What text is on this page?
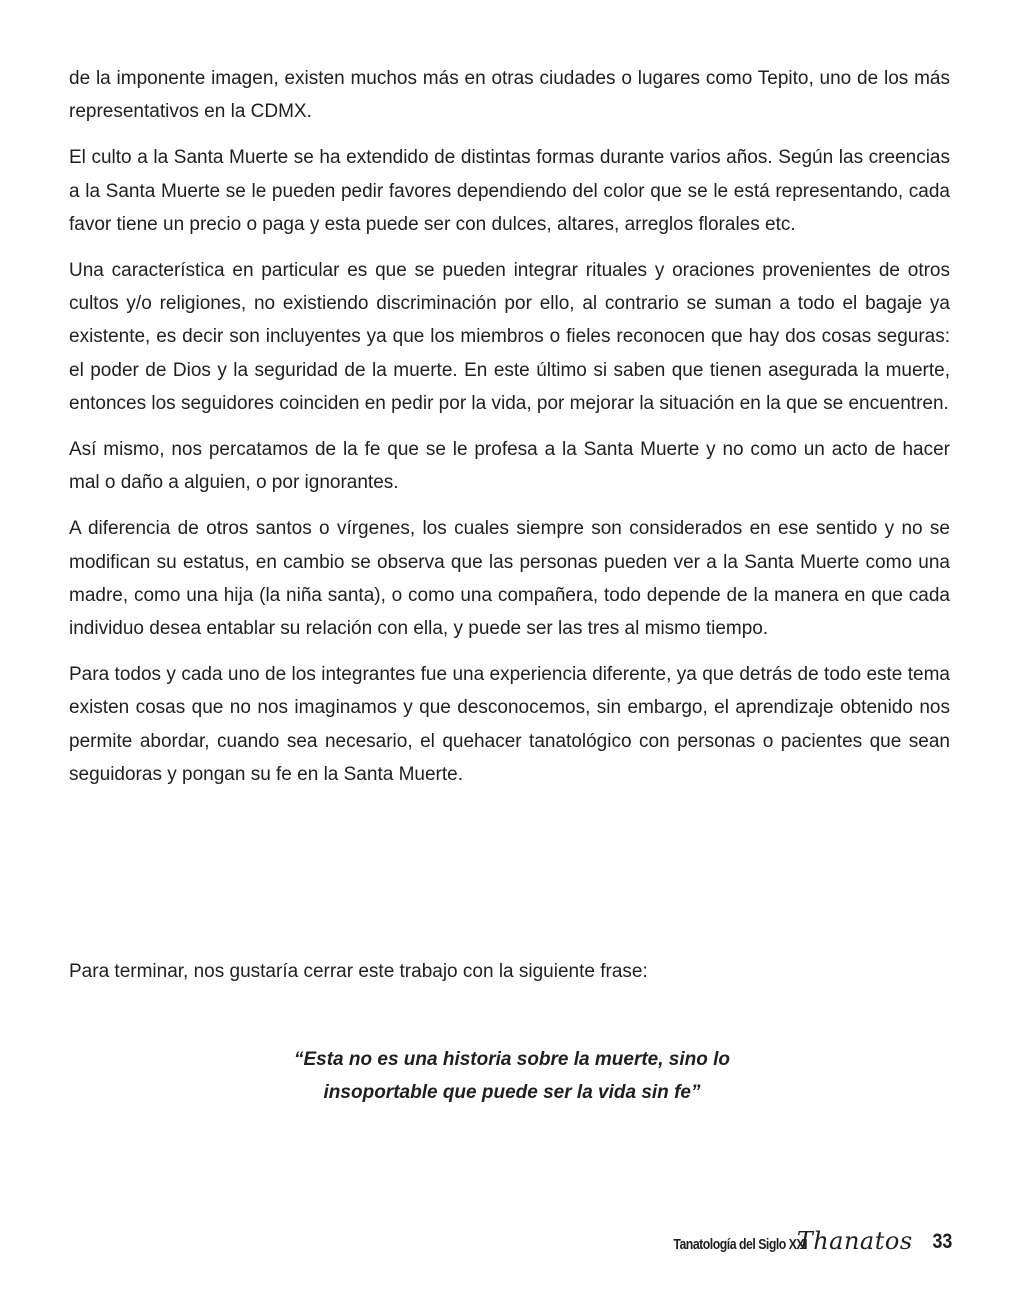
de la imponente imagen, existen muchos más en otras ciudades o lugares como Tepito, uno de los más representativos en la CDMX.

El culto a la Santa Muerte se ha extendido de distintas formas durante varios años. Según las creencias a la Santa Muerte se le pueden pedir favores dependiendo del color que se le está representando, cada favor tiene un precio o paga y esta puede ser con dulces, altares, arreglos florales etc.

Una característica en particular es que se pueden integrar rituales y oraciones provenientes de otros cultos y/o religiones, no existiendo discriminación por ello, al contrario se suman a todo el bagaje ya existente, es decir son incluyentes ya que los miembros o fieles reconocen que hay dos cosas seguras: el poder de Dios y la seguridad de la muerte. En este último si saben que tienen asegurada la muerte, entonces los seguidores coinciden en pedir por la vida, por mejorar la situación en la que se encuentren.

Así mismo, nos percatamos de la fe que se le profesa a la Santa Muerte y no como un acto de hacer mal o daño a alguien, o por ignorantes.

A diferencia de otros santos o vírgenes, los cuales siempre son considerados en ese sentido y no se modifican su estatus, en cambio se observa que las personas pueden ver a la Santa Muerte como una madre, como una hija (la niña santa), o como una compañera, todo depende de la manera en que cada individuo desea entablar su relación con ella, y puede ser las tres al mismo tiempo.

Para todos y cada uno de los integrantes fue una experiencia diferente, ya que detrás de todo este tema existen cosas que no nos imaginamos y que desconocemos, sin embargo, el aprendizaje obtenido nos permite abordar, cuando sea necesario, el quehacer tanatológico con personas o pacientes que sean seguidoras y pongan su fe en la Santa Muerte.

Para terminar, nos gustaría cerrar este trabajo con la siguiente frase:

“Esta no es una historia sobre la muerte, sino lo
insoportable que puede ser la vida sin fe”
Tanatología del Siglo XXI
Thanatos 33
